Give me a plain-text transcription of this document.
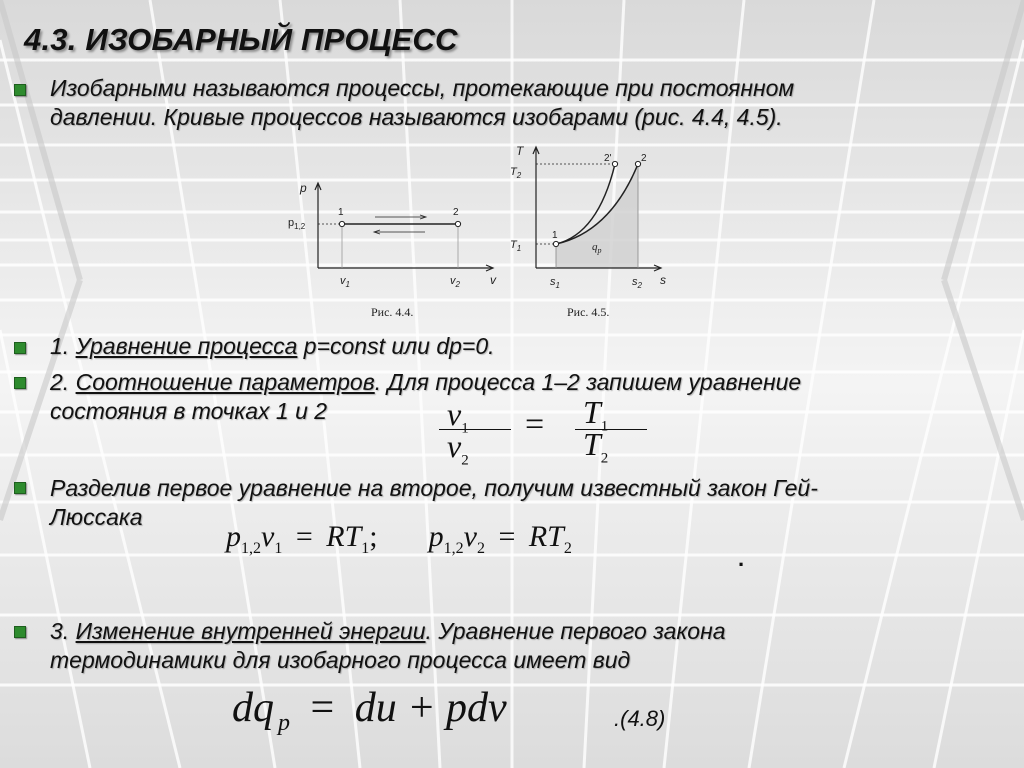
4.3. ИЗОБАРНЫЙ ПРОЦЕСС
Изобарными называются процессы, протекающие при постоянном
давлении. Кривые процессов называются изобарами (рис. 4.4, 4.5).
p
v
$p_{1,2}$
1	2
$v_1$	$v_2$
Рис. 4.4.
T
s
$T_2$
$T_1$
1
2'	2
$q_p$
$s_1$	$s_2$
Рис. 4.5.
1. Уравнение процесса p=const или dp=0.
2. Соотношение параметров. Для процесса 1–2 запишем уравнение
состояния в точках 1 и 2	$v_1$
$v_2$
= $T_1$
$T_2$
Разделив первое уравнение на второе, получим известный закон Гей-
Люссака
$p_{1,2}v_1 = RT_1$; $p_{1,2}v_2 = RT_2$	.
3. Изменение внутренней энергии. Уравнение первого закона
термодинамики для изобарного процесса имеет вид
dq $_p$ = du + pdv	.(4.8)
